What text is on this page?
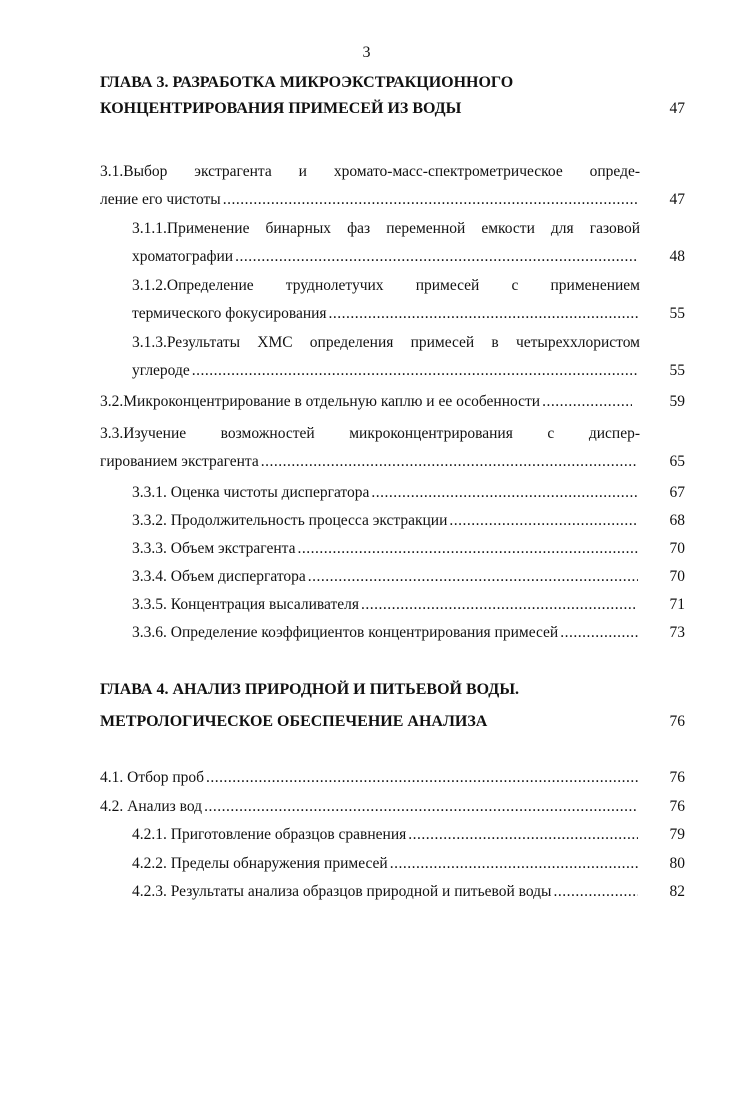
3
ГЛАВА 3. РАЗРАБОТКА МИКРОЭКСТРАКЦИОННОГО
КОНЦЕНТРИРОВАНИЯ ПРИМЕСЕЙ ИЗ ВОДЫ	47
3.1.Выбор экстрагента и хромато-масс-спектрометрическое опреде-
ление его чистоты .....	47
3.1.1.Применение бинарных фаз переменной емкости для газовой
хроматографии .....	48
3.1.2.Определение труднолетучих примесей с применением
термического фокусирования .....	55
3.1.3.Результаты ХМС определения примесей в четыреххлористом
углероде .....	55
3.2.Микроконцентрирование в отдельную каплю и ее особенности .....	59
3.3.Изучение возможностей микроконцентрирования с диспер-
гированием экстрагента .....	65
3.3.1. Оценка чистоты диспергатора .....	67
3.3.2. Продолжительность процесса экстракции .....	68
3.3.3. Объем экстрагента .....	70
3.3.4. Объем диспергатора .....	70
3.3.5. Концентрация высаливателя .....	71
3.3.6. Определение коэффициентов концентрирования примесей .....	73
ГЛАВА 4. АНАЛИЗ ПРИРОДНОЙ И ПИТЬЕВОЙ ВОДЫ.
МЕТРОЛОГИЧЕСКОЕ ОБЕСПЕЧЕНИЕ АНАЛИЗА	76
4.1. Отбор проб .....	76
4.2. Анализ вод .....	76
4.2.1. Приготовление образцов сравнения .....	79
4.2.2. Пределы обнаружения примесей .....	80
4.2.3. Результаты анализа образцов природной и питьевой воды .....	82
